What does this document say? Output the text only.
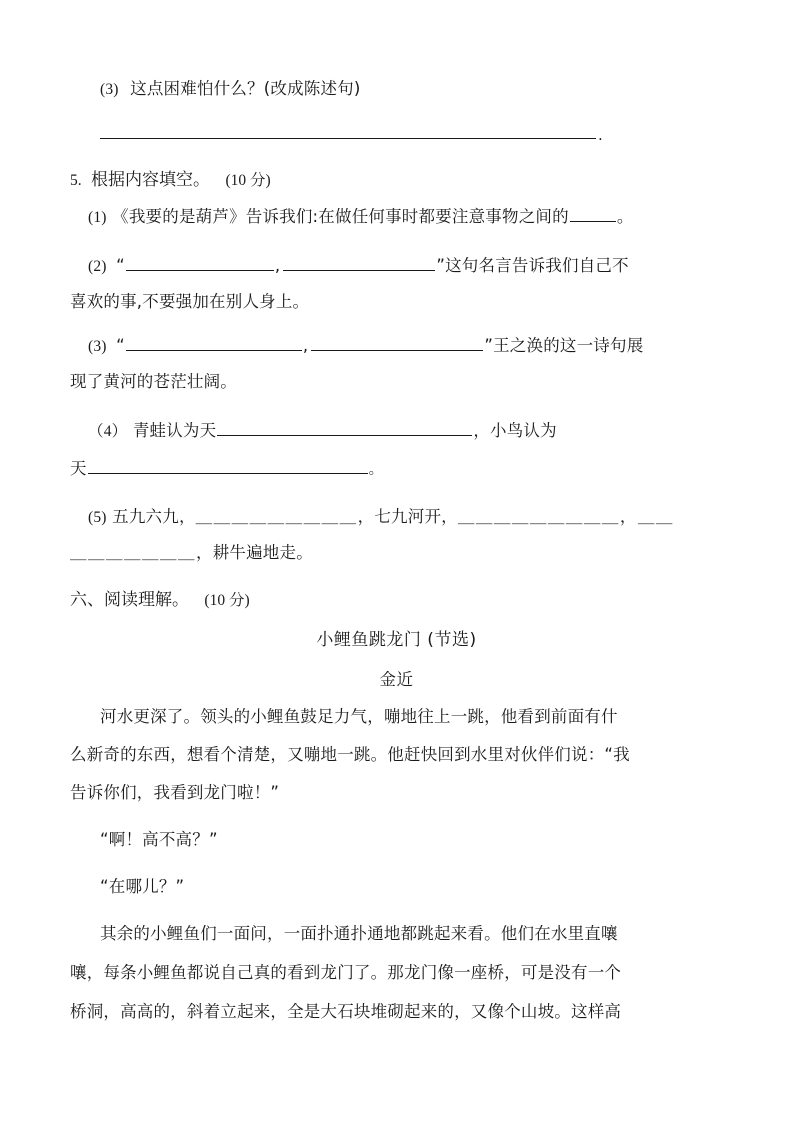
(3) 这点困难怕什么？(改成陈述句)
.
5. 根据内容填空。 (10 分)
(1) 《我要的是葫芦》告诉我们:在做任何事时都要注意事物之间的	。
(2) “	,	”这句名言告诉我们自己不
喜欢的事,不要强加在别人身上。
(3) “	,	”王之涣的这一诗句展
现了黄河的苍茫壮阔。
（4） 青蛙认为天	，小鸟认为
天	。
(5) 五九六九，＿＿＿＿＿＿＿＿＿，七九河开，＿＿＿＿＿＿＿＿＿，＿＿
＿＿＿＿＿＿＿，耕牛遍地走。
六、阅读理解。 (10 分)
小鲤鱼跳龙门 (节选)
金近
河水更深了。领头的小鲤鱼鼓足力气，嘣地往上一跳，他看到前面有什
么新奇的东西，想看个清楚，又嘣地一跳。他赶快回到水里对伙伴们说：“我
告诉你们，我看到龙门啦！”
“啊！高不高？”
“在哪儿？”
其余的小鲤鱼们一面问，一面扑通扑通地都跳起来看。他们在水里直嚷
嚷，每条小鲤鱼都说自己真的看到龙门了。那龙门像一座桥，可是没有一个
桥洞，高高的，斜着立起来，全是大石块堆砌起来的，又像个山坡。这样高
